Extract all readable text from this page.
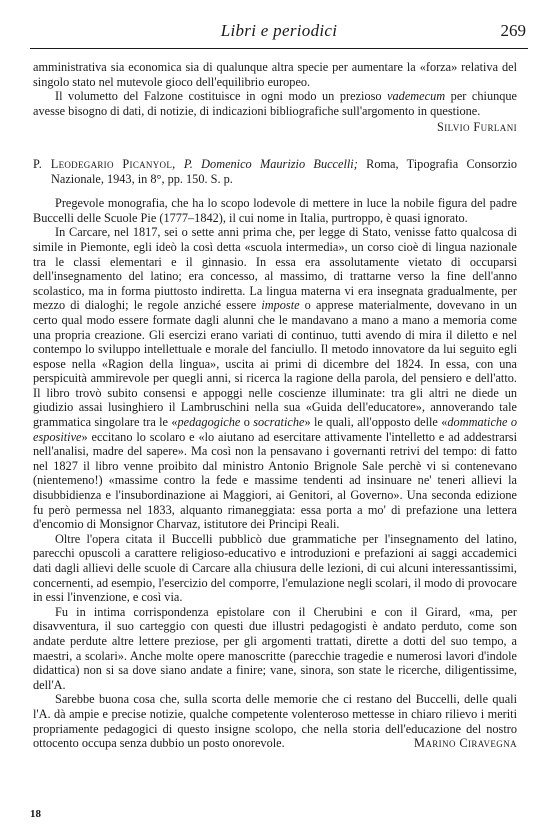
Libri e periodici	269

amministrativa sia economica sia di qualunque altra specie per aumentare la «forza» relativa del singolo stato nel mutevole gioco dell'equilibrio europeo.

Il volumetto del Falzone costituisce in ogni modo un prezioso vademecum per chiunque avesse bisogno di dati, di notizie, di indicazioni bibliografiche sull'argomento in questione.

Silvio Furlani

P. Leodegario Picanyol, P. Domenico Maurizio Buccelli; Roma, Tipografia Consorzio Nazionale, 1943, in 8°, pp. 150. S. p.

Pregevole monografia, che ha lo scopo lodevole di mettere in luce la nobile figura del padre Buccelli delle Scuole Pie (1777–1842), il cui nome in Italia, purtroppo, è quasi ignorato.

In Carcare, nel 1817, sei o sette anni prima che, per legge di Stato, venisse fatto qualcosa di simile in Piemonte, egli ideò la così detta «scuola intermedia», un corso cioè di lingua nazionale tra le classi elementari e il ginnasio. In essa era assolutamente vietato di occuparsi dell'insegnamento del latino; era concesso, al massimo, di trattarne verso la fine dell'anno scolastico, ma in forma piuttosto indiretta. La lingua materna vi era insegnata gradualmente, per mezzo di dialoghi; le regole anziché essere imposte o apprese materialmente, dovevano in un certo qual modo essere formate dagli alunni che le mandavano a mano a mano a memoria come una propria creazione. Gli esercizi erano variati di continuo, tutti avendo di mira il diletto e nel contempo lo sviluppo intellettuale e morale del fanciullo. Il metodo innovatore da lui seguito egli espose nella «Ragion della lingua», uscita ai primi di dicembre del 1824. In essa, con una perspicuità ammirevole per quegli anni, si ricerca la ragione della parola, del pensiero e dell'atto. Il libro trovò subito consensi e appoggi nelle coscienze illuminate: tra gli altri ne diede un giudizio assai lusinghiero il Lambruschini nella sua «Guida dell'educatore», annoverando tale grammatica singolare tra le «pedagogiche o socratiche» le quali, all'opposto delle «dommatiche o espositive» eccitano lo scolaro e «lo aiutano ad esercitare attivamente l'intelletto e ad addestrarsi nell'analisi, madre del sapere». Ma così non la pensavano i governanti retrivi del tempo: di fatto nel 1827 il libro venne proibito dal ministro Antonio Brignole Sale perchè vi si contenevano (nientemeno!) «massime contro la fede e massime tendenti ad insinuare ne' teneri allievi la disubbidienza e l'insubordinazione ai Maggiori, ai Genitori, al Governo». Una seconda edizione fu però permessa nel 1833, alquanto rimaneggiata: essa porta a mo' di prefazione una lettera d'encomio di Monsignor Charvaz, istitutore dei Principi Reali.

Oltre l'opera citata il Buccelli pubblicò due grammatiche per l'insegnamento del latino, parecchi opuscoli a carattere religioso-educativo e introduzioni e prefazioni ai saggi accademici dati dagli allievi delle scuole di Carcare alla chiusura delle lezioni, di cui alcuni interessantissimi, concernenti, ad esempio, l'esercizio del comporre, l'emulazione negli scolari, il modo di provocare in essi l'invenzione, e così via.

Fu in intima corrispondenza epistolare con il Cherubini e con il Girard, «ma, per disavventura, il suo carteggio con questi due illustri pedagogisti è andato perduto, come son andate perdute altre lettere preziose, per gli argomenti trattati, dirette a dotti del suo tempo, a maestri, a scolari». Anche molte opere manoscritte (parecchie tragedie e numerosi lavori d'indole didattica) non si sa dove siano andate a finire; vane, sinora, son state le ricerche, diligentissime, dell'A.

Sarebbe buona cosa che, sulla scorta delle memorie che ci restano del Buccelli, delle quali l'A. dà ampie e precise notizie, qualche competente volenteroso mettesse in chiaro rilievo i meriti propriamente pedagogici di questo insigne scolopo, che nella storia dell'educazione del nostro ottocento occupa senza dubbio un posto onorevole.	Marino Ciravegna

18
